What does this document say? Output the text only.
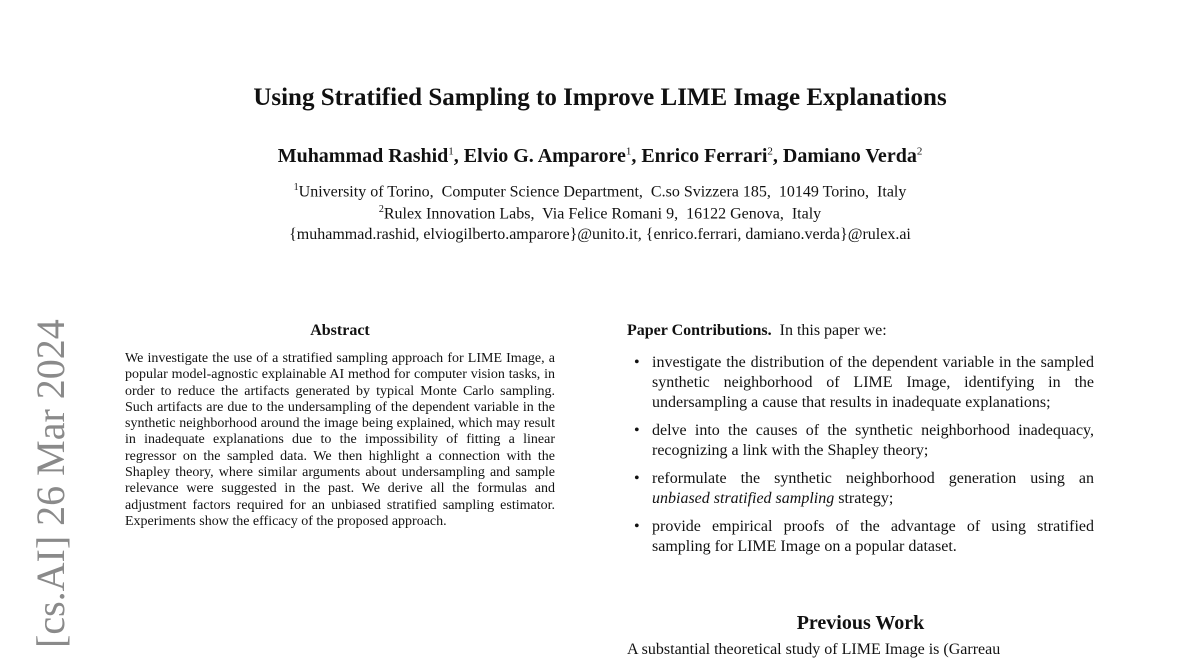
[cs.AI] 26 Mar 2024
Using Stratified Sampling to Improve LIME Image Explanations
Muhammad Rashid$^1$, Elvio G. Amparore$^1$, Enrico Ferrari$^2$, Damiano Verda$^2$
$^1$University of Torino,  Computer Science Department,  C.so Svizzera 185,  10149 Torino,  Italy
$^2$Rulex Innovation Labs,  Via Felice Romani 9,  16122 Genova,  Italy
{muhammad.rashid, elviogilberto.amparore}@unito.it, {enrico.ferrari, damiano.verda}@rulex.ai
Abstract
We investigate the use of a stratified sampling approach for LIME Image, a popular model-agnostic explainable AI method for computer vision tasks, in order to reduce the artifacts generated by typical Monte Carlo sampling. Such artifacts are due to the undersampling of the dependent variable in the synthetic neighborhood around the image being explained, which may result in inadequate explanations due to the impossibility of fitting a linear regressor on the sampled data. We then highlight a connection with the Shapley theory, where similar arguments about undersampling and sample relevance were suggested in the past. We derive all the formulas and adjustment factors required for an unbiased stratified sampling estimator. Experiments show the efficacy of the proposed approach.
Paper Contributions. In this paper we:
• investigate the distribution of the dependent variable in the sampled synthetic neighborhood of LIME Image, identifying in the undersampling a cause that results in inadequate explanations;
• delve into the causes of the synthetic neighborhood inadequacy, recognizing a link with the Shapley theory;
• reformulate the synthetic neighborhood generation using an unbiased stratified sampling strategy;
• provide empirical proofs of the advantage of using stratified sampling for LIME Image on a popular dataset.
Previous Work
A substantial theoretical study of LIME Image is (Garreau
